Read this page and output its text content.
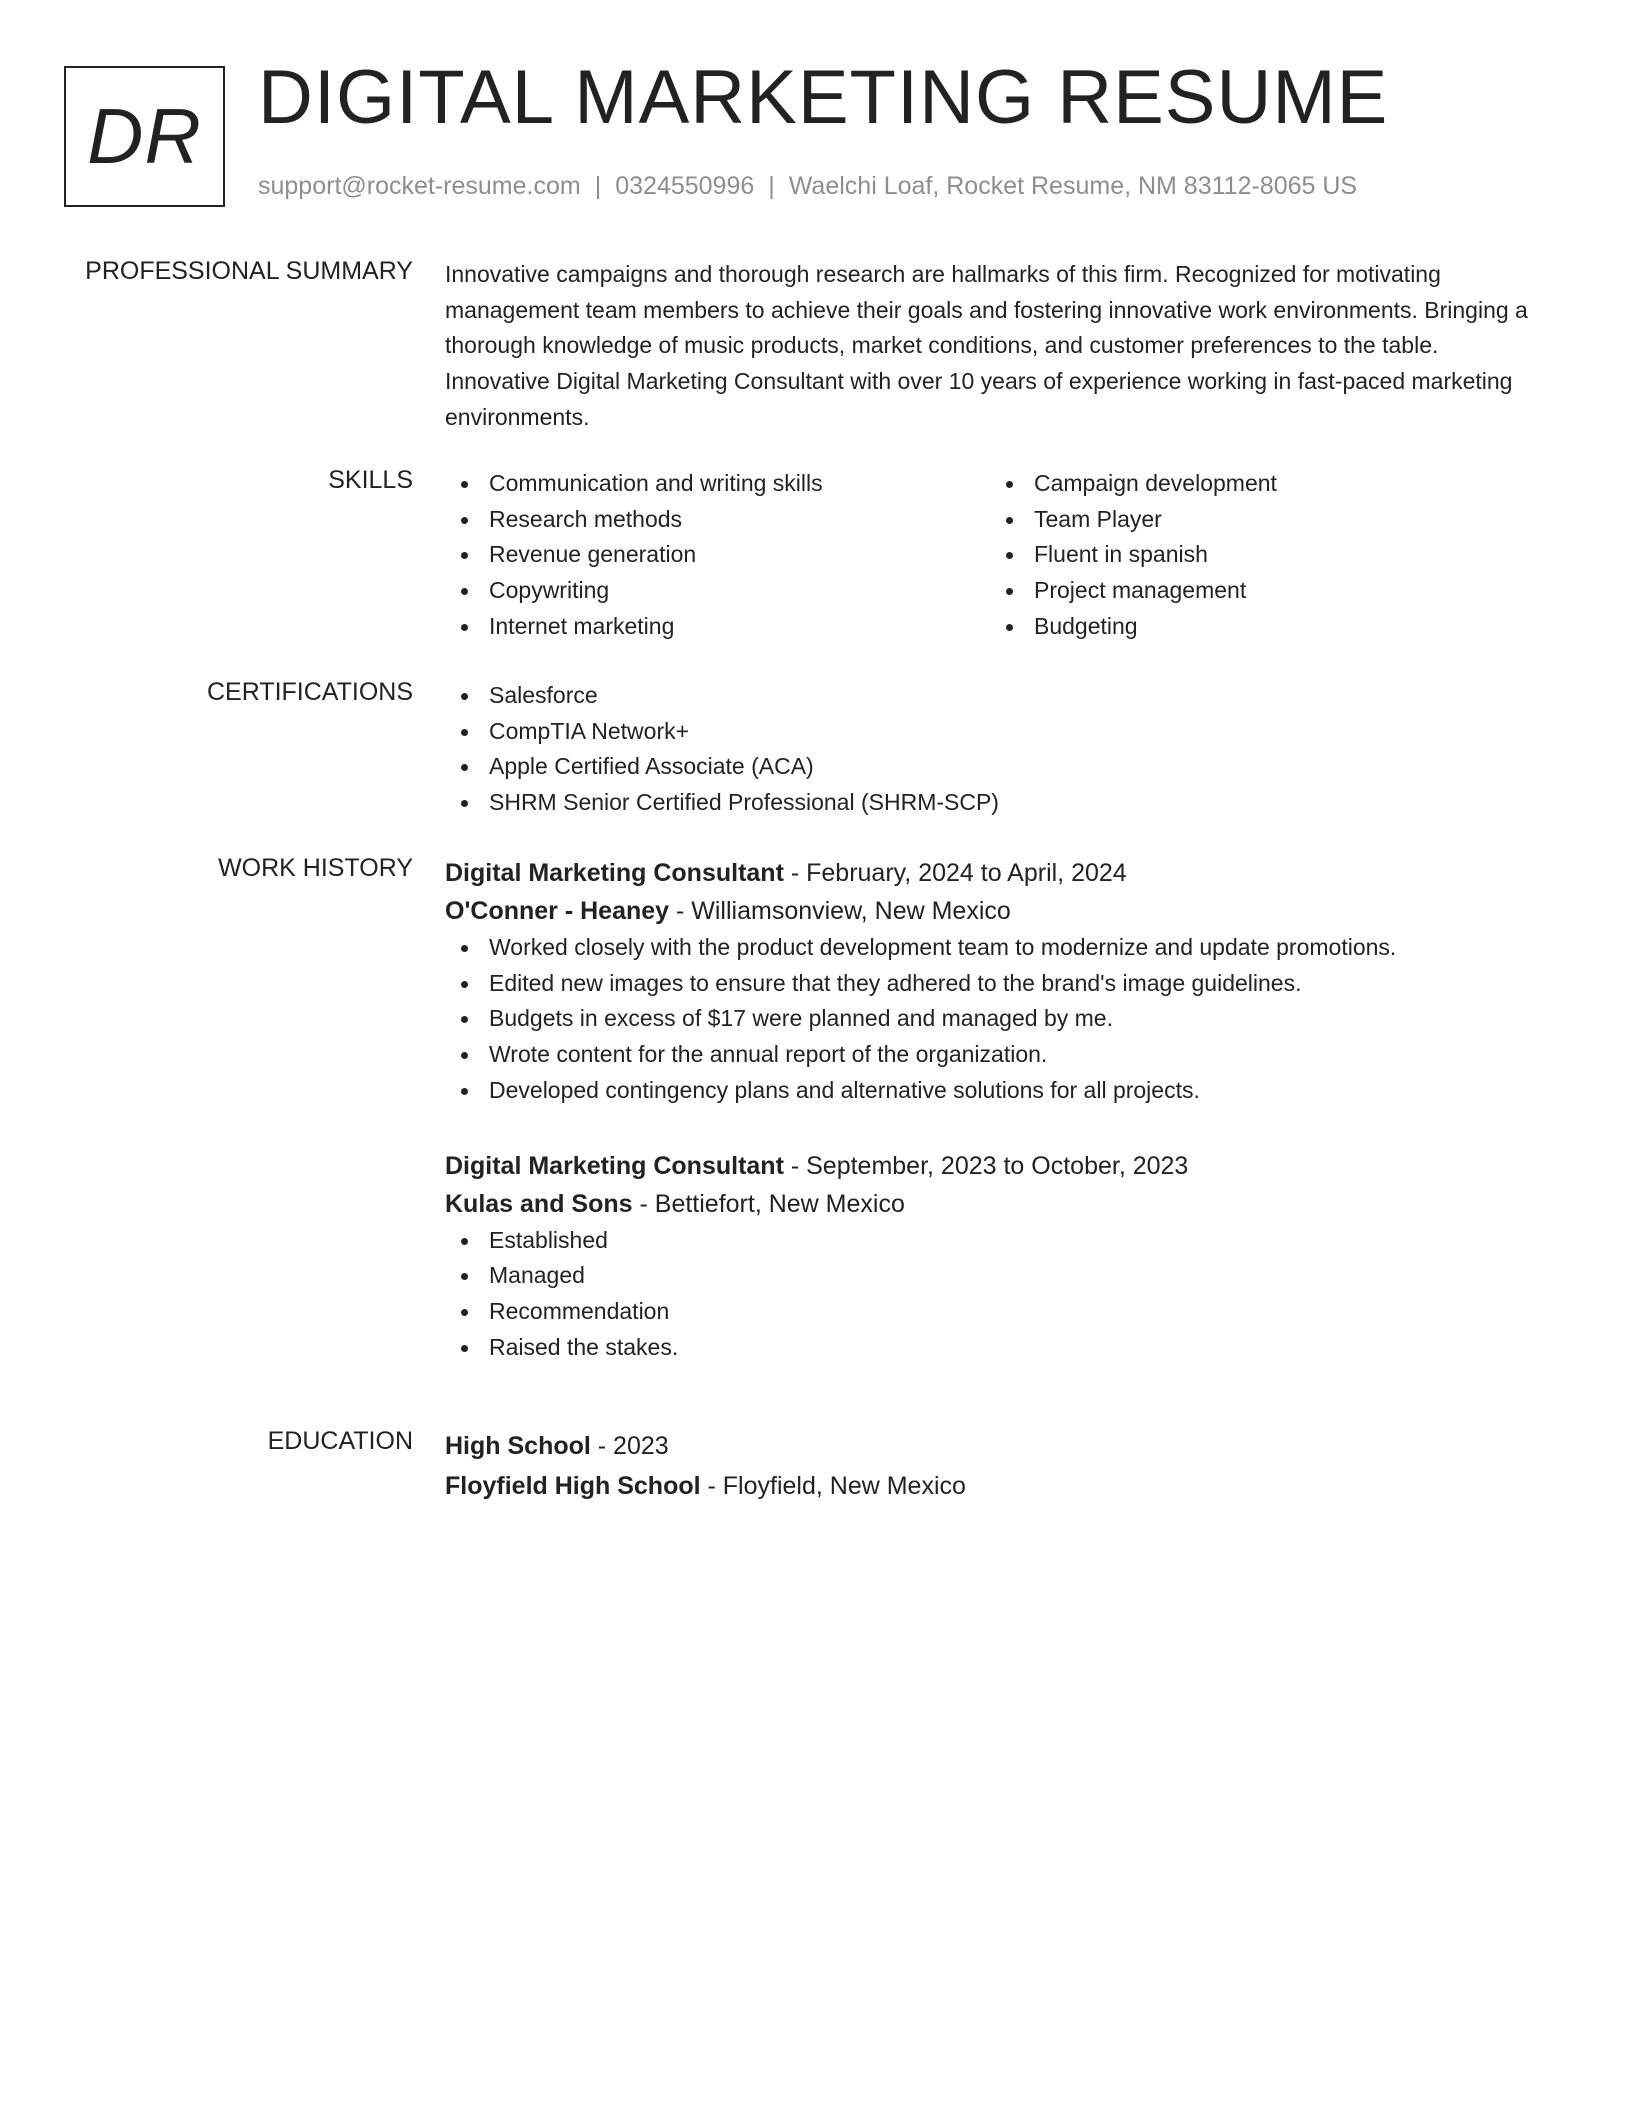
DR DIGITAL MARKETING RESUME
support@rocket-resume.com | 0324550996 | Waelchi Loaf, Rocket Resume, NM 83112-8065 US
PROFESSIONAL SUMMARY Innovative campaigns and thorough research are hallmarks of this firm. Recognized for motivating management team members to achieve their goals and fostering innovative work environments. Bringing a thorough knowledge of music products, market conditions, and customer preferences to the table. Innovative Digital Marketing Consultant with over 10 years of experience working in fast-paced marketing environments.

SKILLS	Communication and writing skills
Research methods
Revenue generation
Copywriting
Internet marketing
Campaign development
Team Player
Fluent in spanish
Project management
Budgeting
CERTIFICATIONS	Salesforce
CompTIA Network+
Apple Certified Associate (ACA)
SHRM Senior Certified Professional (SHRM-SCP)
WORK HISTORY Digital Marketing Consultant - February, 2024 to April, 2024
O'Conner - Heaney - Williamsonview, New Mexico
Worked closely with the product development team to modernize and update promotions.
Edited new images to ensure that they adhered to the brand's image guidelines.
Budgets in excess of $17 were planned and managed by me.
Wrote content for the annual report of the organization.
Developed contingency plans and alternative solutions for all projects.
Digital Marketing Consultant - September, 2023 to October, 2023
Kulas and Sons - Bettiefort, New Mexico
Established
Managed
Recommendation
Raised the stakes.
EDUCATION High School - 2023
Floyfield High School - Floyfield, New Mexico
